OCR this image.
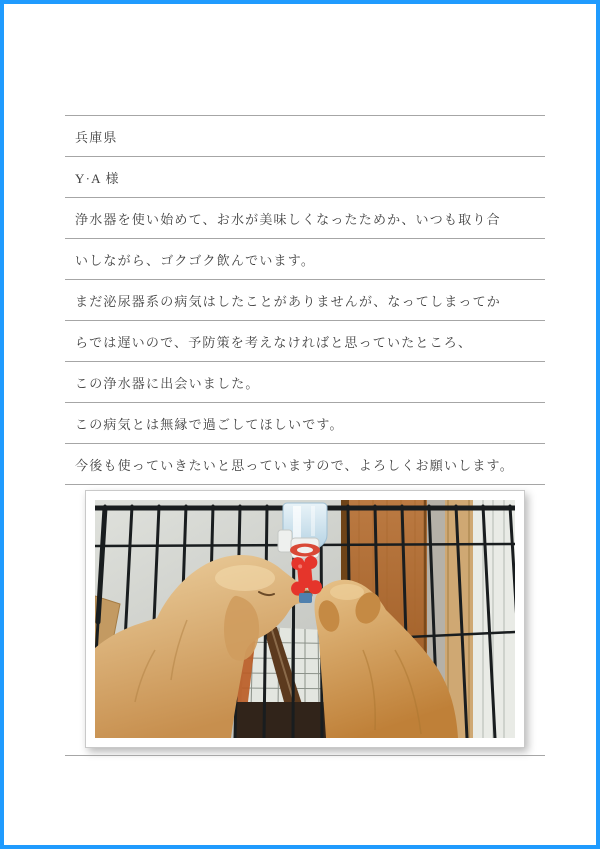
兵庫県
Y·A 様
浄水器を使い始めて、お水が美味しくなったためか、いつも取り合
いしながら、ゴクゴク飲んでいます。
まだ泌尿器系の病気はしたことがありませんが、なってしまってか
らでは遅いので、予防策を考えなければと思っていたところ、
この浄水器に出会いました。
この病気とは無縁で過ごしてほしいです。
今後も使っていきたいと思っていますので、よろしくお願いします。
